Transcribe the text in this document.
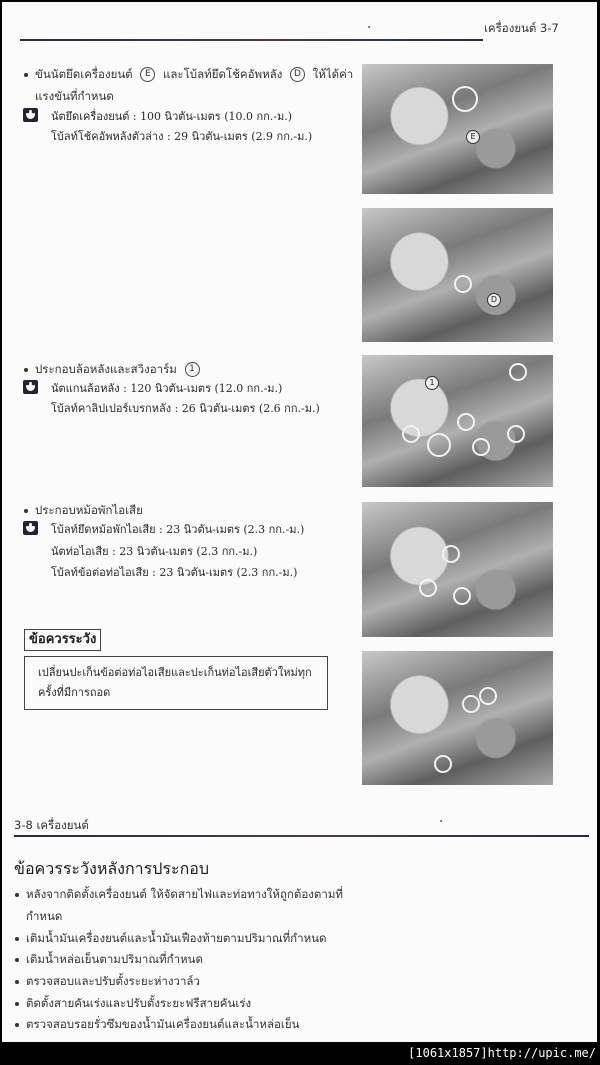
เครื่องยนต์ 3-7
ขันนัตยึดเครื่องยนต์ E และโบ้ลท์ยึดโช้คอัพหลัง D ให้ได้ค่า
แรงขันที่กำหนด
นัตยึดเครื่องยนต์ : 100 นิวตัน-เมตร (10.0 กก.-ม.)
โบ้ลท์โช้คอัพหลังตัวล่าง : 29 นิวตัน-เมตร (2.9 กก.-ม.)
ประกอบล้อหลังและสวิงอาร์ม 1
นัตแกนล้อหลัง : 120 นิวตัน-เมตร (12.0 กก.-ม.)
โบ้ลท์คาลิปเปอร์เบรกหลัง : 26 นิวตัน-เมตร (2.6 กก.-ม.)
ประกอบหม้อพักไอเสีย
โบ้ลท์ยึดหม้อพักไอเสีย : 23 นิวตัน-เมตร (2.3 กก.-ม.)
นัตท่อไอเสีย : 23 นิวตัน-เมตร (2.3 กก.-ม.)
โบ้ลท์ข้อต่อท่อไอเสีย : 23 นิวตัน-เมตร (2.3 กก.-ม.)
ข้อควรระวัง
เปลี่ยนปะเก็นข้อต่อท่อไอเสียและปะเก็นท่อไอเสียตัวใหม่ทุก
ครั้งที่มีการถอด
E
D
1
3-8 เครื่องยนต์
ข้อควรระวังหลังการประกอบ
หลังจากติดตั้งเครื่องยนต์ ให้จัดสายไฟและท่อทางให้ถูกต้องตามที่
กำหนด
เติมน้ำมันเครื่องยนต์และน้ำมันเฟืองท้ายตามปริมาณที่กำหนด
เติมน้ำหล่อเย็นตามปริมาณที่กำหนด
ตรวจสอบและปรับตั้งระยะห่างวาล์ว
ติดตั้งสายคันเร่งและปรับตั้งระยะฟรีสายคันเร่ง
ตรวจสอบรอยรั่วซึมของน้ำมันเครื่องยนต์และน้ำหล่อเย็น
[1061x1857]http://upic.me/
